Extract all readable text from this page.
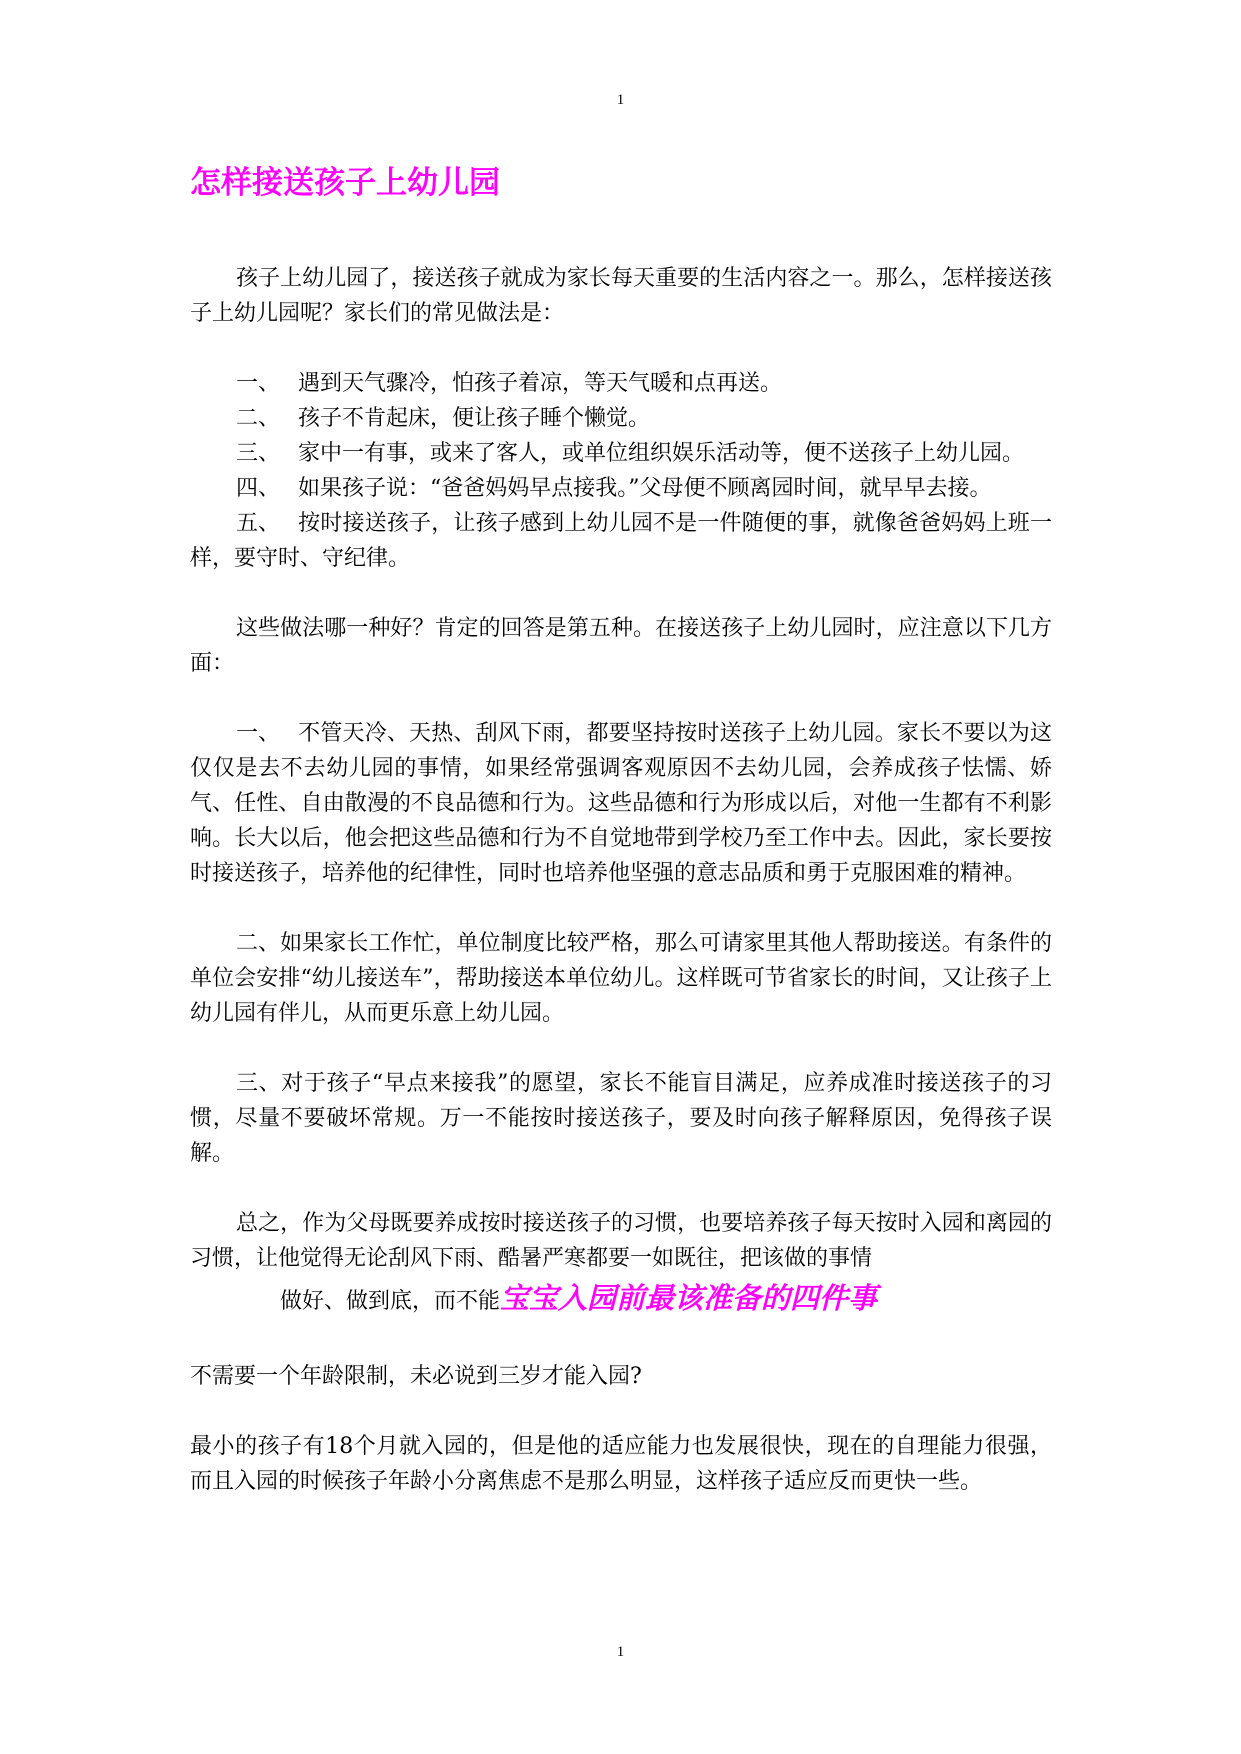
1
怎样接送孩子上幼儿园

孩子上幼儿园了，接送孩子就成为家长每天重要的生活内容之一。那么，怎样接送孩子上幼儿园呢？家长们的常见做法是：

一、 遇到天气骤冷，怕孩子着凉，等天气暖和点再送。

二、 孩子不肯起床，便让孩子睡个懒觉。

三、 家中一有事，或来了客人，或单位组织娱乐活动等，便不送孩子上幼儿园。

四、 如果孩子说：“爸爸妈妈早点接我。”父母便不顾离园时间，就早早去接。

五、 按时接送孩子，让孩子感到上幼儿园不是一件随便的事，就像爸爸妈妈上班一样，要守时、守纪律。

这些做法哪一种好？肯定的回答是第五种。在接送孩子上幼儿园时，应注意以下几方面：

一、 不管天冷、天热、刮风下雨，都要坚持按时送孩子上幼儿园。家长不要以为这仅仅是去不去幼儿园的事情，如果经常强调客观原因不去幼儿园，会养成孩子怯懦、娇气、任性、自由散漫的不良品德和行为。这些品德和行为形成以后，对他一生都有不利影响。长大以后，他会把这些品德和行为不自觉地带到学校乃至工作中去。因此，家长要按时接送孩子，培养他的纪律性，同时也培养他坚强的意志品质和勇于克服困难的精神。

二、如果家长工作忙，单位制度比较严格，那么可请家里其他人帮助接送。有条件的单位会安排“幼儿接送车”，帮助接送本单位幼儿。这样既可节省家长的时间，又让孩子上幼儿园有伴儿，从而更乐意上幼儿园。

三、对于孩子“早点来接我”的愿望，家长不能盲目满足，应养成准时接送孩子的习惯，尽量不要破坏常规。万一不能按时接送孩子，要及时向孩子解释原因，免得孩子误解。

总之，作为父母既要养成按时接送孩子的习惯，也要培养孩子每天按时入园和离园的习惯，让他觉得无论刮风下雨、酷暑严寒都要一如既往，把该做的事情

做好、做到底，而不能宝宝入园前最该准备的四件事

不需要一个年龄限制，未必说到三岁才能入园?

最小的孩子有18个月就入园的，但是他的适应能力也发展很快，现在的自理能力很强，而且入园的时候孩子年龄小分离焦虑不是那么明显，这样孩子适应反而更快一些。

1
